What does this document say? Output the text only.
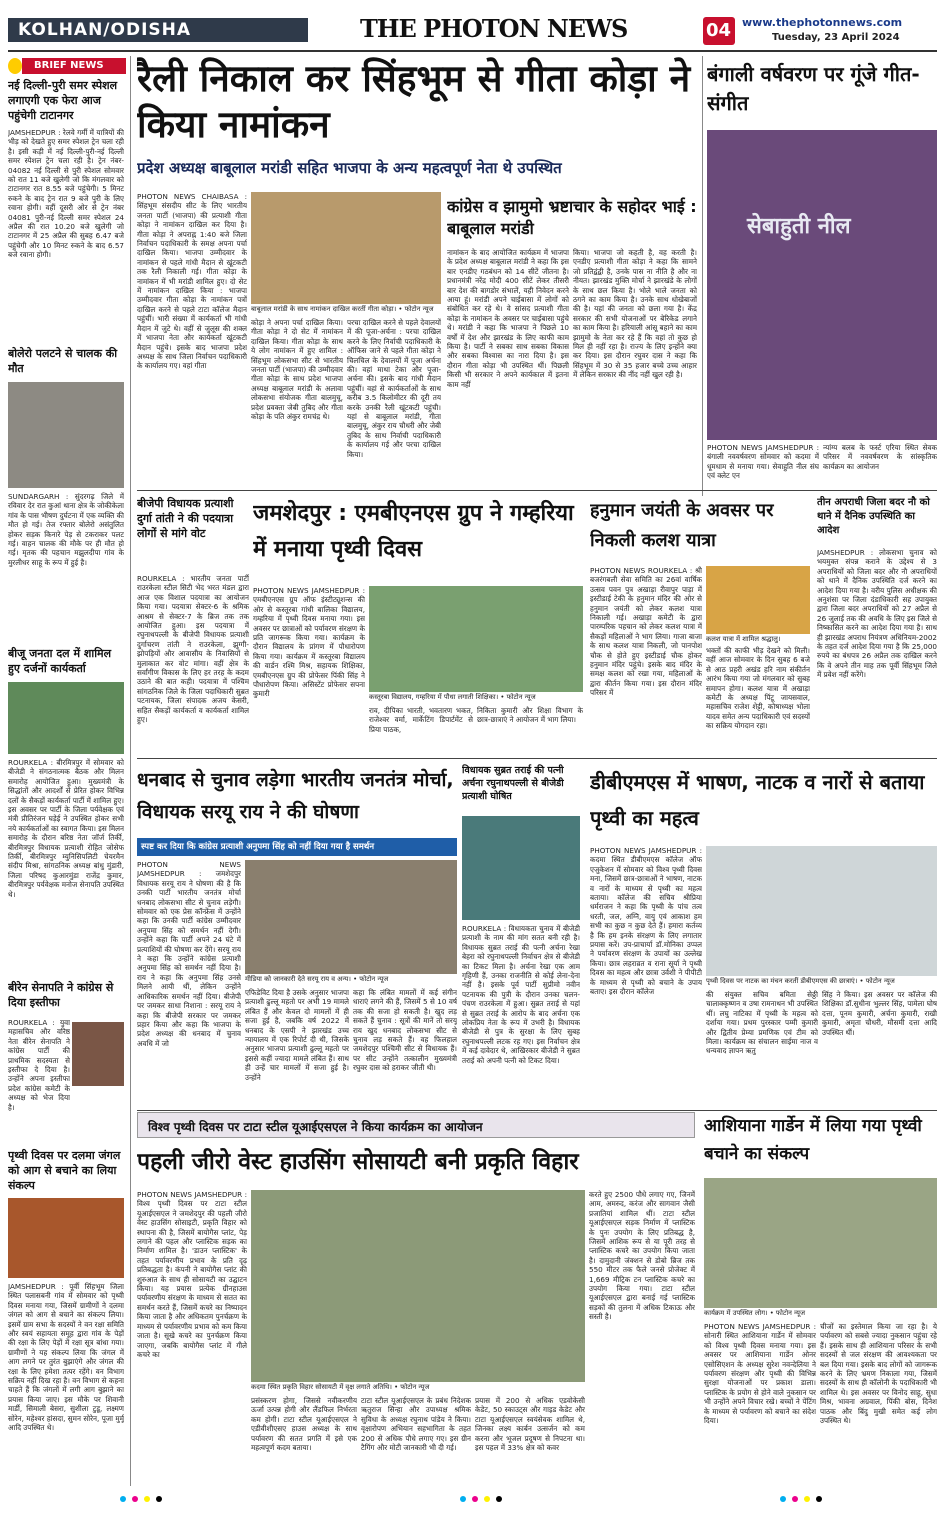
KOLHAN/ODISHA	THE PHOTON NEWS	04 www.thephotonnews.com
Tuesday, 23 April 2024
BRIEF NEWS
नई दिल्ली-पुरी समर स्पेशल लगाएगी एक फेरा आज पहुंचेगी टाटानगर
JAMSHEDPUR : रेलवे गर्मी में यात्रियों की भीड़ को देखते हुए समर स्पेशल ट्रेन चला रही है। इसी कड़ी में नई दिल्ली-पुरी-नई दिल्ली समर स्पेशल ट्रेन चला रही है। ट्रेन नंबर- 04082 नई दिल्ली से पुरी स्पेशल सोमवार को रात 11 बजे खुलेगी जो कि मंगलवार को टाटानगर रात 8.55 बजे पहुंचेगी। 5 मिनट रुकने के बाद ट्रेन रात 9 बजे पुरी के लिए रवाना होगी। वहीं दूसरी ओर से ट्रेन नंबर 04081 पुरी-नई दिल्ली समर स्पेशल 24 अप्रैल की रात 10.20 बजे खुलेगी जो टाटानगर में 25 अप्रैल की सुबह 6.47 बजे पहुंचेगी और 10 मिनट रुकने के बाद 6.57 बजे रवाना होगी।
बोलेरो पलटने से चालक की मौत
SUNDARGARH : सुंदरगढ़ जिले में रविवार देर रात कुआं थाना क्षेत्र के जोकीकेला गांव के पास भीषण दुर्घटना में एक व्यक्ति की मौत हो गई। तेज रफ्तार बोलेरो असंतुलित होकर सड़क किनारे पेड़ से टकराकर पलट गई। वाहन चालक की मौके पर ही मौत हो गई। मृतक की पहचान मझुलदीपा गांव के मुरलीधर साहू के रूप में हुई है।
बीजू जनता दल में शामिल हुए दर्जनों कार्यकर्ता
ROURKELA : बीरमित्रपुर में सोमवार को बीजेडी ने संगठनात्मक बैठक और मिलन समारोह आयोजित हुआ। मुख्यमंत्री के सिद्धांतों और आदर्शों से प्रेरित होकर विभिन्न दलों के सैकड़ों कार्यकर्ता पार्टी में शामिल हुए। इस अवसर पर पार्टी के जिला पर्यवेक्षक एवं मंत्री प्रीतिरंजन घड़ेई ने उपस्थित होकर सभी नये कार्यकर्ताओं का स्वागत किया। इस मिलन समारोह के दौरान बरिष्ठ नेता जॉर्ज तिर्की, बीरमित्रपुर विधायक प्रत्याशी रोहित जोसेफ तिर्की, बीरमित्रपुर म्युनिसिपलिटी चेयरमैन संदीप मिश्रा, सांगठनिक अध्यक्ष बांधु मुंडारी, जिला परिषद कुआरमुंडा राजेंद्र कुमार, बीरमित्रपुर पर्यवेक्षक मनोज सेनापति उपस्थित थे।
बीरेन सेनापति ने कांग्रेस से दिया इस्तीफा
ROURKELA : युवा महासचिव और वरिष्ठ नेता बीरेन सेनापति ने कांग्रेस पार्टी की प्राथमिक सदस्यता से इस्तीफा दे दिया है। उन्होंने अपना इस्तीफा प्रदेश कांग्रेस कमेटी के अध्यक्ष को भेज दिया है।
पृथ्वी दिवस पर दलमा जंगल को आग से बचाने का लिया संकल्प
JAMSHEDPUR : पूर्वी सिंहभूम जिला स्थित पलासबनी गांव में सोमवार को पृथ्वी दिवस मनाया गया, जिसमें ग्रामीणों ने दलमा जंगल को आग से बचाने का संकल्प लिया। इसमें ग्राम सभा के सदस्यों ने वन रक्षा समिति और स्वयं सहायता समूह द्वारा गांव के पेड़ों की रक्षा के लिए पेड़ों में रक्षा सूत्र बांधा गया। ग्रामीणों ने यह संकल्प लिया कि जंगल में आग लगने पर तुरंत बुझाएंगे और जंगल की रक्षा के लिए हमेशा तत्पर रहेंगे। वन विभाग सक्रिय नहीं दिख रहा है। वन विभाग से कहना चाहते हैं कि जंगलों में लगी आग बुझाने का प्रयास किया जाए। इस मौके पर शिवानी मार्डी, सिमाली बेसरा, सुशीला टुडू, लक्ष्मण सोरेन, महेश्वर हांसदा, सुमन सोरेन, पूजा मुर्मू आदि उपस्थित थे।
रैली निकाल कर सिंहभूम से गीता कोड़ा ने किया नामांकन
प्रदेश अध्यक्ष बाबूलाल मरांडी सहित भाजपा के अन्य महत्वपूर्ण नेता थे उपस्थित
PHOTON NEWS CHAIBASA : सिंहभूम संसदीय सीट के लिए भारतीय जनता पार्टी (भाजपा) की प्रत्याशी गीता कोड़ा ने नामांकन दाखिल कर दिया है। गीता कोड़ा ने अपराह्न 1:40 बजे जिला निर्वाचन पदाधिकारी के समक्ष अपना पर्चा दाखिल किया। भाजपा उम्मीदवार के नामांकन से पहले गांधी मैदान से खूंटकटी तक रैली निकाली गई। गीता कोड़ा के नामांकन में भी मरांडी शामिल हुए। दो सेट में नामांकन दाखिल किया : भाजपा उम्मीदवार गीता कोड़ा के नामांकन पत्रों दाखिल करने से पहले टाटा कॉलेज मैदान पहुंचीं। भारी संख्या में कार्यकर्ता भी गांधी मैदान में जुटे थे। वहीं से जुलूस की शक्ल में भाजपा नेता और कार्यकर्ता खूंटकटी मैदान पहुंचे। इसके बाद भाजपा प्रदेश अध्यक्ष के साथ जिला निर्वाचन पदाधिकारी के कार्यालय गए। वहां गीता
बाबूलाल मरांडी के साथ नामांकन दाखिल करतीं गीता कोड़ा। • फोटोन न्यूज
कोड़ा ने अपना पर्चा दाखिल किया। गीता कोड़ा ने दो सेट में नामांकन दाखिल किया। गीता कोड़ा के साथ ये लोग नामांकन में हुए शामिल : सिंहभूम लोकसभा सीट से भारतीय जनता पार्टी (भाजपा) की उम्मीदवार गीता कोड़ा के साथ प्रदेश भाजपा अध्यक्ष बाबूलाल मरांडी के अलावा लोकसभा संयोजक गीता बालमुचू, प्रदेश प्रवक्ता जेबी तुबिद और गीता कोड़ा के पति अंकुर रामचंद्र थे।
परचा दाखिल करने से पहले देवालयों में की पूजा-अर्चना : परचा दाखिल करने के लिए निर्वाची पदाधिकारी के ऑफिस जाने से पहले गीता कोड़ा ने चिलचिल के देवालयों में पूजा अर्चना की। वहां माथा टेका और पूजा-अर्चना की। इसके बाद गांधी मैदान पहुंचीं। वहां से कार्यकर्ताओं के साथ करीब 3.5 किलोमीटर की दूरी तय करके उनकी रैली खूंटकटी पहुंची। यहां से बाबूलाल मरांडी, गीता बालमुचू, अंकुर राय चौधरी और जेबी तुबिद के साथ निर्वाची पदाधिकारी के कार्यालय गई और परचा दाखिल किया।
कांग्रेस व झामुमो भ्रष्टाचार के सहोदर भाई : बाबूलाल मरांडी
नामांकन के बाद आयोजित कार्यक्रम में भाजपा के प्रदेश अध्यक्ष बाबूलाल मरांडी ने कहा कि इस बार एनडीए गठबंधन को 14 सीटें जीतना है। प्रधानमंत्री नरेंद्र मोदी 400 सीटें लेकर तीसरी बार देश की बागडोर संभालें, यही निवेदन करने आया हूं। मरांडी अपने चाईबासा में लोगों को संबोधित कर रहे थे। वे सांसद प्रत्याशी गीता कोड़ा के नामांकन के अवसर पर चाईबासा पहुंचे थे। मरांडी ने कहा कि भाजपा ने पिछले 10 वर्षों में देश और झारखंड के लिए काफी काम किया है। पार्टी ने सबका साथ सबका विकास और सबका विश्वास का नारा दिया है। इस दौरान गीता कोड़ा भी उपस्थित थीं। पिछली किसी भी सरकार ने अपने कार्यकाल में इतना काम नहीं
किया। भाजपा जो कहती है, वह करती है। एनडीए प्रत्याशी गीता कोड़ा ने कहा कि सामने जो प्रतिद्वंद्वी है, उनके पास ना नीति है और ना नीयत। झारखंड मुक्ति मोर्चा ने झारखंडे के लोगों के साथ छल किया है। भोले भाले जनता को ठगने का काम किया है। उनके साथ धोखेबाजों की है। यहां की जनता को छला गया है। केंद्र सरकार की सभी योजनाओं पर बेरिकेड लगाने का काम किया है। हरियाली आंसू बहाने का काम झामुमो के नेता कर रहे हैं कि वहां तो कुछ हो मिल ही नहीं रहा है। राज्य के लिए इन्होंने क्या कर दिया। इस दौरान रघुवर दास ने कहा कि सिंहभूम में 30 से 35 हजार बच्चे उच्च आहार में लेकिन सरकार की नींद नहीं खुल रही है।
बंगाली वर्षवरण पर गूंजे गीत-संगीत
सेबाहुती नील
PHOTON NEWS JAMSHEDPUR : बंगाली नववर्षवरण सोमवार को कदमा में धूमधाम से मनाया गया। सेवाहुति नील संघ एवं क्लेट एन
न्यांग्य बलब के फर्स्ट एरिया स्थित सेवक परिसर में नववर्षवरण के सांस्कृतिक कार्यक्रम का आयोजन
बीजेपी विधायक प्रत्याशी दुर्गा तांती ने की पदयात्रा लोगों से मांगे वोट
ROURKELA : भारतीय जनता पार्टी राउरकेला स्टील सिटी भेद भरत मंडल द्वारा आज एक विशाल पदयात्रा का आयोजन किया गया। पदयात्रा सेक्टर-6 के श्रमिक आश्रम से सेक्टर-7 के ब्रिज तक तक आयोजित हुआ। इस पदयात्रा में रघुनाथपल्ली के बीजेपी विधायक प्रत्याशी दुर्गाचरण तांती ने राउरकेला, झुग्गी-झोपड़ियों और आवासीय के निवासियों से मुलाकात कर वोट मांगा। वहीं क्षेत्र के सर्वांगीण विकास के लिए हर तरह के कदम उठाने की बात कही। पदयात्रा में पश्चिम सांगठनिक जिले के जिला पदाधिकारी सुब्रत पटनायक, जिला संपादक अजय केसरी, सहित सैकड़ों कार्यकर्ता व कार्यकर्ता शामिल हुए।
जमशेदपुर : एमबीएनएस ग्रुप ने गम्हरिया में मनाया पृथ्वी दिवस
PHOTON NEWS JAMSHEDPUR : एमबीएनएस ग्रुप ऑफ इंस्टीट्यूशन्स की ओर से कस्तूरबा गांधी बालिका विद्यालय, गम्हरिया में पृथ्वी दिवस मनाया गया। इस अवसर पर छात्राओं को पर्यावरण संरक्षण के प्रति जागरूक किया गया। कार्यक्रम के दौरान विद्यालय के प्रांगण में पौधारोपण किया गया। कार्यक्रम में कस्तूरबा विद्यालय की वार्डन रश्मि मिश्र, सहायक शिक्षिका, एमबीएनएस ग्रुप की प्रोफेसर पिंकी सिंह ने पौधारोपण किया। असिस्टेंट प्रोफेसर सपना कुमारी	कस्तूरबा विद्यालय, गम्हरिया में पौधा लगाती शिक्षिका। • फोटोन न्यूज
राव, दीपिका भारती, भवतारण भकत, राजेश्वर वर्मा, मार्केटिंग डिपार्टमेंट से प्रिया पाठक,
निकिता कुमारी और शिक्षा विभाग के छात्र-छात्राएं ने आयोजन में भाग लिया।
हनुमान जयंती के अवसर पर निकली कलश यात्रा
PHOTON NEWS ROURKELA : श्री बजरंगबली सेवा समिति का 26वां वार्षिक उत्सव पवन पुत्र अखाड़ा रीवापुर पाड़ा में इस्टीडाई टेकी के हनुमान मंदिर की ओर से हनुमान जयंती को लेकर कलश यात्रा निकाली गई। अखाड़ा कमेटी के द्वारा पारम्परिक पहचान को लेकर कलश यात्रा में सैकड़ों महिलाओं ने भाग लिया। गाजा बाजा के साथ कलश यात्रा निकली, जो पानपोश चौक से होते हुए इस्टीडाई चौक होकर हनुमान मंदिर पहुंचे। इसके बाद मंदिर के समक्ष कलश को रखा गया, महिलाओं के द्वारा कीर्तन किया गया। इस दौरान मंदिर परिसर में
कलश यात्रा में शामिल श्रद्धालु।
भक्तों की काफी भीड़ देखने को मिली। वहीं आज सोमवार के दिन सुबह 6 बजे से आठ प्रहरी अखंड हरि नाम संकीर्तन आरंभ किया गया जो मंगलवार को सुबह समापन होगा। कलश यात्रा में अखाड़ा कमेटी के अध्यक्ष पिंटू जायसवाल, महासचिव राजेश शेट्टी, कोषाध्यक्ष भोला यादव समेत अन्य पदाधिकारी एवं सदस्यों का सक्रिय योगदान रहा।
तीन अपराधी जिला बदर नौ को थाने में दैनिक उपस्थिति का आदेश
JAMSHEDPUR : लोकसभा चुनाव को भयमुक्त संपन्न कराने के उद्देश्य से 3 अपराधियों को जिला बदर और नौ अपराधियों को थाने में दैनिक उपस्थिति दर्ज करने का आदेश दिया गया है। वरीय पुलिस अधीक्षक की अनुशंसा पर जिला दंडाधिकारी सह उपायुक्त द्वारा जिला बदर अपराधियों को 27 अप्रैल से 26 जुलाई तक की अवधि के लिए इस जिले से निष्कासित करने का आदेश दिया गया है। साथ ही झारखंड अपराध नियंत्रण अधिनियम-2002 के तहत दर्ज आदेश दिया गया है कि 25,000 रुपये का बंधपत्र 26 अप्रैल तक दाखिल करने कि वे अपने तीन माह तक पूर्वी सिंहभूम जिले में प्रवेश नहीं करेंगे।
धनबाद से चुनाव लड़ेगा भारतीय जनतंत्र मोर्चा, विधायक सरयू राय ने की घोषणा
स्पष्ट कर दिया कि कांग्रेस प्रत्याशी अनुपमा सिंह को नहीं दिया गया है समर्थन
PHOTON NEWS JAMSHEDPUR : जमशेदपुर विधायक सरयू राय ने घोषणा की है कि उनकी पार्टी भारतीय जनतंत्र मोर्चा धनबाद लोकसभा सीट से चुनाव लड़ेगी। सोमवार को एक प्रेस कॉन्फ्रेंस में उन्होंने कहा कि उनकी पार्टी कांग्रेस उम्मीदवार अनुपमा सिंह को समर्थन नहीं देगी। उन्होंने कहा कि पार्टी अपने 24 घंटे में प्रत्याशियों की घोषणा कर देंगे। सरयू राय ने कहा कि उन्होंने कांग्रेस प्रत्याशी अनुपमा सिंह को समर्थन नहीं दिया है। राय ने कहा कि अनुपमा सिंह उनसे मिलने आयी थीं, लेकिन उन्होंने आधिकारिक समर्थन नहीं दिया। बीजेपी पर जमकर साधा निशाना : सरयू राय ने कहा कि बीजेपी सरकार पर जमकर प्रहार किया और कहा कि भाजपा के प्रदेश अध्यक्ष की धनबाद में चुनाव अवधि में जो
मीडिया को जानकारी देते सरयू राय व अन्य। • फोटोन न्यूज
एफिडेविट दिया है उसके अनुसार भाजपा प्रत्याशी ढुल्लू महतो पर अभी 19 मामले लंबित हैं और केवल दो मामलों में ही सजा हुई है, जबकि वर्ष 2022 में धनबाद के एसपी ने झारखंड उच्च न्यायालय में एक रिपोर्ट दी थी, जिसके अनुसार भाजपा प्रत्याशी ढुल्लू महतो पर इससे कहीं ज्यादा मामले लंबित हैं। साथ ही उन्हें चार मामलों में सजा हुई है। उन्होंने
कहा कि लंबित मामलों में कई संगीन धाराएं लगने की हैं, जिसमें 5 से 10 वर्ष तक की सजा हो सकती है। खुद लड़ सकते हैं चुनाव : सूत्रों की मानें तो सरयू राय खुद धनबाद लोकसभा सीट से चुनाव लड़ सकते हैं। वह फिलहाल जमशेदपुर पश्चिमी सीट से विधायक हैं। पर सीट उन्होंने तत्कालीन मुख्यमंत्री रघुवर दास को हराकर जीती थी।
विधायक सुब्रत तराई की पत्नी अर्चना रघुनाथपल्ली से बीजेडी प्रत्याशी घोषित
ROURKELA : विधायकता चुनाव में बीजेडी प्रत्याशी के नाम की मांग सतत बनी रही है। विधायक सुब्रत तराई की पत्नी अर्चना रेखा बेहरा को रघुनाथपल्ली निर्वाचन क्षेत्र से बीजेडी का टिकट मिला है। अर्चना रेखा एक आम गृहिणी हैं, उनका राजनीति से कोई लेना-देना नहीं है। इसके पूर्व पार्टी सुप्रीमो नवीन पटनायक की पुत्री के दौरान उनका चलन-पंचण राउरकेला में हुआ। सुब्रत तराई से यहां से सुब्रत तराई के आरोप के बाद अर्चना एक लोकप्रिय नेता के रूप में उभरी है। विधायक बीजेडी से पुत्र के सुरक्षा के लिए सुबह रघुनाथपल्ली लटक रह गए। इस निर्वाचन क्षेत्र में कई दावेदार थे, आखिरकार बीजेडी ने सुब्रत तराई को अपनी पत्नी को टिकट दिया।
डीबीएमएस में भाषण, नाटक व नारों से बताया पृथ्वी का महत्व
PHOTON NEWS JAMSHEDPUR : कदमा स्थित डीबीएमएस कॉलेज ऑफ एजुकेशन में सोमवार को विश्व पृथ्वी दिवस मना, जिसमें छात्र-छात्राओं ने भाषण, नाटक व नारों के माध्यम से पृथ्वी का महत्व बताया। कॉलेज की सचिव श्रीप्रिया धर्मराजन ने कहा कि पृथ्वी के पांच तत्व धरती, जल, अग्नि, वायु एवं आकाश हम सभी का कुछ न कुछ देते हैं। हमारा कर्तव्य है कि हम इनके संरक्षण के लिए लगातार प्रयास करें। उप-प्राचार्या डॉ.मोनिका उप्पल ने पर्यावरण संरक्षण के उपायों का उल्लेख किया। छात्र लहराव्रत व राना सूर्या ने पृथ्वी दिवस का महत्व और छात्रा उर्वशी ने पीपीटी के माध्यम से पृथ्वी को बचाने के उपाय बताए। इस दौरान कॉलेज
पृथ्वी दिवस पर नाटक का मंचन करतीं डीबीएमएस की छात्राएं। • फोटोन न्यूज
की संयुक्त सचिव बमिता सेठ्ठी चालाक्कृष्णन व उषा रामनाथन भी उपस्थित थीं। लघु नाटिका में पृथ्वी के महत्व को दर्शाया गया। प्रथम पुरस्कार पम्मी कुमारी और द्वितीय प्रेम्या प्रमणिक एवं टीम को मिला। कार्यक्रम का संचालन साईमा नाज व धन्यवाद ज्ञापन ऋतु
सिंह ने किया। इस अवसर पर कॉलेज की शिक्षिका डॉ.सुधीना भुल्लर सिंह, पामेला घोष दत्ता, पूनम कुमारी, अर्चना कुमारी, राखी कुमारी, अमृता चौधरी, मौसमी दत्ता आदि उपस्थित थीं।
विश्व पृथ्वी दिवस पर टाटा स्टील यूआईएसएल ने किया कार्यक्रम का आयोजन
पहली जीरो वेस्ट हाउसिंग सोसायटी बनी प्रकृति विहार
PHOTON NEWS JAMSHEDPUR : विश्व पृथ्वी दिवस पर टाटा स्टील यूआईएसएल ने जमशेदपुर की पहली जीरो वेस्ट हाउसिंग सोसाइटी, प्रकृति विहार को स्थापना की है, जिसमें बायोगैस प्लांट, पेड़ लगाने की पहल और प्लास्टिक सड़क का निर्माण शामिल है। 'डाउन प्लास्टिक' के तहत पर्यावरणीय प्रभाव के प्रति दृढ़ प्रतिबद्धता है। कंपनी ने बायोगैस प्लांट की शुरुआत के साथ ही सोसायटी का उद्घाटन किया। यह प्रयास प्रत्येक ग्रीनहाउस पर्यावरणीय संरक्षण के माध्यम से सतत का समर्थन करते हैं, जिसमें कचरे का निष्पादन किया जाता है और अधिकतम पुनर्चक्रण के माध्यम से पर्यावरणीय प्रभाव को कम किया जाता है। सूखे कचरे का पुनर्चक्रण किया जाएगा, जबकि बायोगैस प्लांट में गीले कचरे का
कदमा स्थित प्रकृति विहार सोसायटी में वृक्ष लगाते अतिथि। • फोटोन न्यूज
प्रसंस्करण होगा, जिससे नवीकरणीय ऊर्जा उत्पन्न होगी और लैंडफिल निर्भरता कम होगी। टाटा स्टील यूआईएसएल ने एडीवीशीएसए हाउस अध्यक्ष के साथ पर्यावरण की सतत प्रगति में इसे एक महत्वपूर्ण कदम बताया।
टाटा स्टील यूआईएसएल के प्रबंध निदेशक ऋतुराज सिन्हा और उपाध्यक्ष श्रमिक सुविधा के अध्यक्ष रघुनाथ पांडेय ने किया। वृक्षारोपण अभियान सहभागिता के तहत 200 से अधिक पौधे लगाए गए। इस ग्रीन टैगिंग और मोटी जानकारी भी दी गई।
प्रयास में 200 से अधिक एडवोकेसी केडेट, 50 स्काउट्स और गाइड केडेट और टाटा यूआईएसएल स्वयंसेवक शामिल थे, जिनका लक्ष्य कार्बन उत्सर्जन को कम करना और भूजल प्रदूषण से निपटना था। इस पहल में 33% क्षेत्र को कवर
करते हुए 2500 पौधे लगाए गए, जिनमें आम, अमरुद, करंज और सागवान जैसी प्रजातियां शामिल थीं। टाटा स्टील यूआईएसएल सड़क निर्माण में प्लास्टिक के पुनः उपयोग के लिए प्रतिबद्ध है, जिसमें आशिक रूप से या पूरी तरह से प्लास्टिक कचरे का उपयोग किया जाता है। दामुदानी जंक्शन से डोबो ब्रिज तक 550 मीटर तक फैले जनसे प्रोजेक्ट में 1,669 मीट्रिक टन प्लास्टिक कचरे का उपयोग किया गया। टाटा स्टील यूआईएसएल द्वारा बनाई गई प्लास्टिक सड़कों की तुलना में अधिक टिकाऊ और सस्ती है।
आशियाना गार्डेन में लिया गया पृथ्वी बचाने का संकल्प
कार्यक्रम में उपस्थित लोग। • फोटोन न्यूज
PHOTON NEWS JAMSHEDPUR : सोनारी स्थित आशियाना गार्डेन में सोमवार को विश्व पृथ्वी दिवस मनाया गया। इस अवसर पर आशियाना गार्डेन ओनर एसोसिएशन के अध्यक्ष सुरेश नवन्देलिया ने पर्यावरण संरक्षण और पृथ्वी की विभिन्न सुरक्षा योजनाओं पर प्रकाश डाला। प्लास्टिक के प्रयोग से होने वाले नुकसान पर भी उन्होंने अपने विचार रखे। बच्चों ने पेंटिंग के माध्यम से पर्यावरण को बचाने का संदेश दिया।
चीजों का इस्तेमाल किया जा रहा है। ये पर्यावरण को सबसे ज्यादा नुकसान पहुंचा रहे हैं। इसके साथ ही आशियाना परिसर के सभी सदस्यों से जल संरक्षण की आवश्यकता पर बल दिया गया। इसके बाद लोगों को जागरूक करने के लिए भ्रमण निकाला गया, जिसमें सदस्यों के साथ ही कॉलोनी के पदाधिकारी भी शामिल थे। इस अवसर पर विनोद साहू, सुधा मिश्र, भावना अग्रवाल, पिंकी बोस, दिनेश पाठक और बिंदु मुखी समेत कई लोग उपस्थित थे।
